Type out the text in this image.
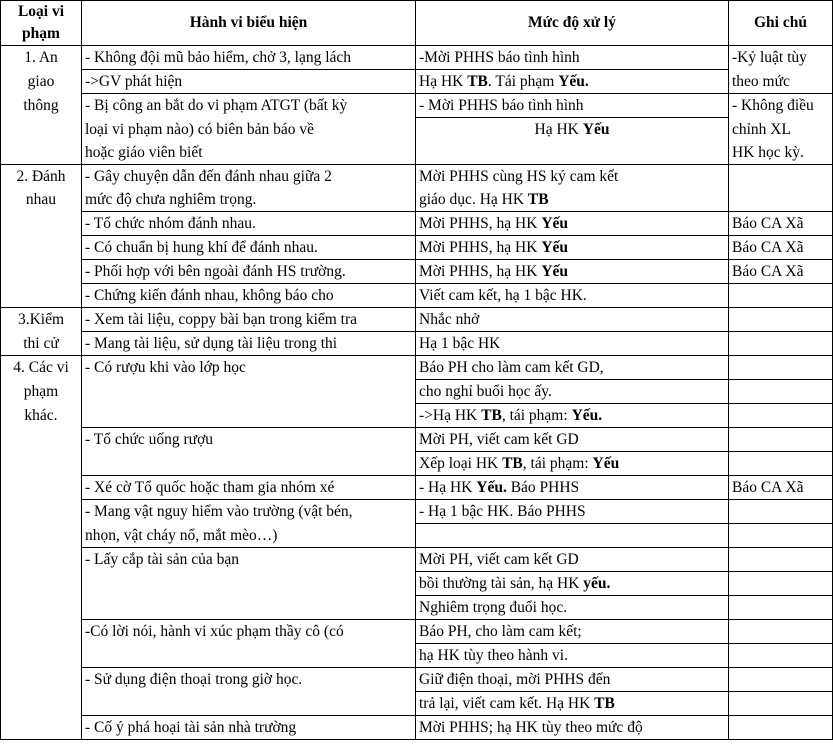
Loại vi phạm	Hành vi biểu hiện	Mức độ xử lý	Ghi chú
1. An	- Không đội mũ bảo hiểm, chở 3, lạng lách	-Mời PHHS báo tình hình	-Kỷ luật tùy
giao	->GV phát hiện	Hạ HK TB. Tái phạm Yếu.	theo mức
thông	- Bị công an bắt do vi phạm ATGT (bất kỳ	- Mời PHHS báo tình hình	- Không điều
	loại vi phạm nào) có biên bản báo về	Hạ HK Yếu	chỉnh XL
	hoặc giáo viên biết		HK học kỳ.
2. Đánh	- Gây chuyện dẫn đến đánh nhau giữa 2	Mời PHHS cùng HS ký cam kết	
nhau	mức độ chưa nghiêm trọng.	giáo dục. Hạ HK TB	
	- Tổ chức nhóm đánh nhau.	Mời PHHS, hạ HK Yếu	Báo CA Xã
	- Có chuẩn bị hung khí để đánh nhau.	Mời PHHS, hạ HK Yếu	Báo CA Xã
	- Phối hợp với bên ngoài đánh HS trường.	Mời PHHS, hạ HK Yếu	Báo CA Xã
	- Chứng kiến đánh nhau, không báo cho	Viết cam kết, hạ 1 bậc HK.	
3.Kiểm	- Xem tài liệu, coppy bài bạn trong kiểm tra	Nhắc nhở	
thi cử	- Mang tài liệu, sử dụng tài liệu trong thi	Hạ 1 bậc HK	
4. Các vi	- Có rượu khi vào lớp học	Báo PH cho làm cam kết GD,	
phạm		cho nghỉ buổi học ấy.	
khác.		->Hạ HK TB, tái phạm: Yếu.	
	- Tổ chức uống rượu	Mời PH, viết cam kết GD	
		Xếp loại HK TB, tái phạm: Yếu	
	- Xé cờ Tổ quốc hoặc tham gia nhóm xé	- Hạ HK Yếu. Báo PHHS	Báo CA Xã
	- Mang vật nguy hiểm vào trường (vật bén,	- Hạ 1 bậc HK. Báo PHHS	
	nhọn, vật cháy nổ, mắt mèo…)		
	- Lấy cắp tài sản của bạn	Mời PH, viết cam kết GD	
		bồi thường tài sản, hạ HK yếu.	
		Nghiêm trọng đuổi học.	
	-Có lời nói, hành vi xúc phạm thầy cô (có	Báo PH, cho làm cam kết;	
		hạ HK tùy theo hành vi.	
	- Sử dụng điện thoại trong giờ học.	Giữ điện thoại, mời PHHS đến	
		trả lại, viết cam kết. Hạ HK TB	
	- Cố ý phá hoại tài sản nhà trường	Mời PHHS; hạ HK tùy theo mức độ	
